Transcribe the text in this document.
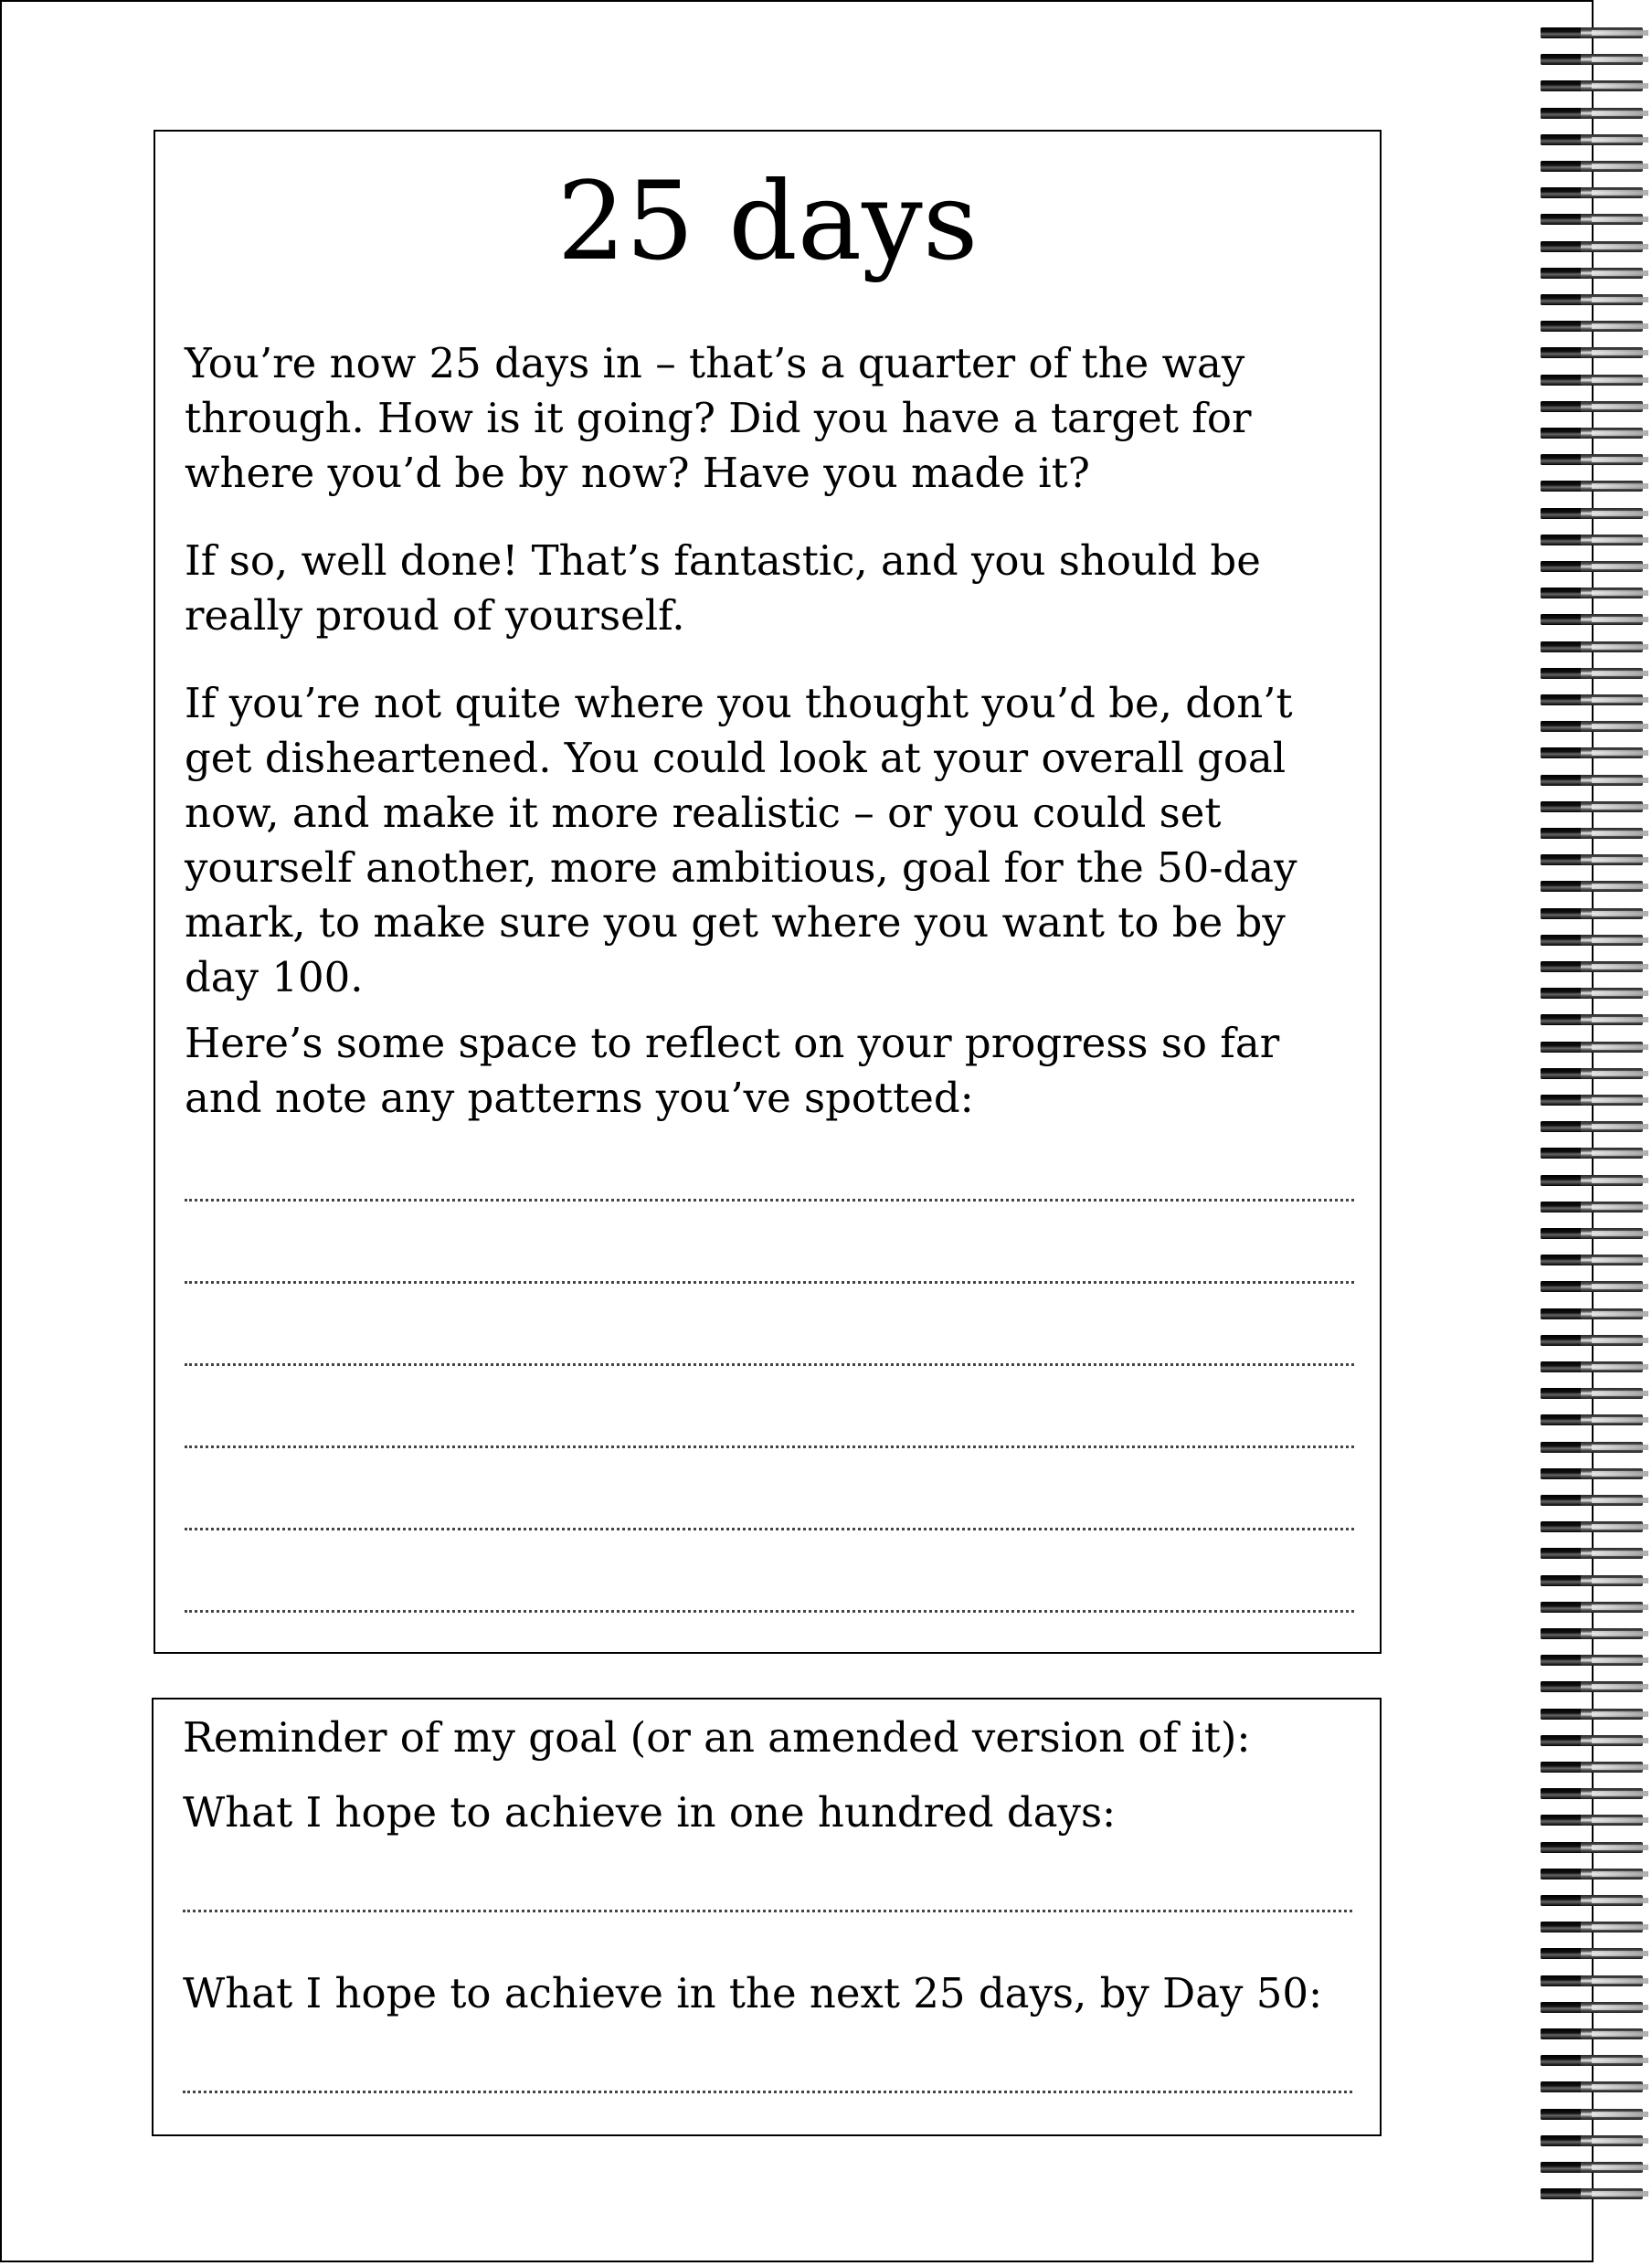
25 days

You’re now 25 days in – that’s a quarter of the way through. How is it going? Did you have a target for where you’d be by now? Have you made it?

If so, well done! That’s fantastic, and you should be really proud of yourself.

If you’re not quite where you thought you’d be, don’t get disheartened. You could look at your overall goal now, and make it more realistic – or you could set yourself another, more ambitious, goal for the 50-day mark, to make sure you get where you want to be by day 100.

Here’s some space to reflect on your progress so far and note any patterns you’ve spotted:

Reminder of my goal (or an amended version of it):

What I hope to achieve in one hundred days:

What I hope to achieve in the next 25 days, by Day 50:
